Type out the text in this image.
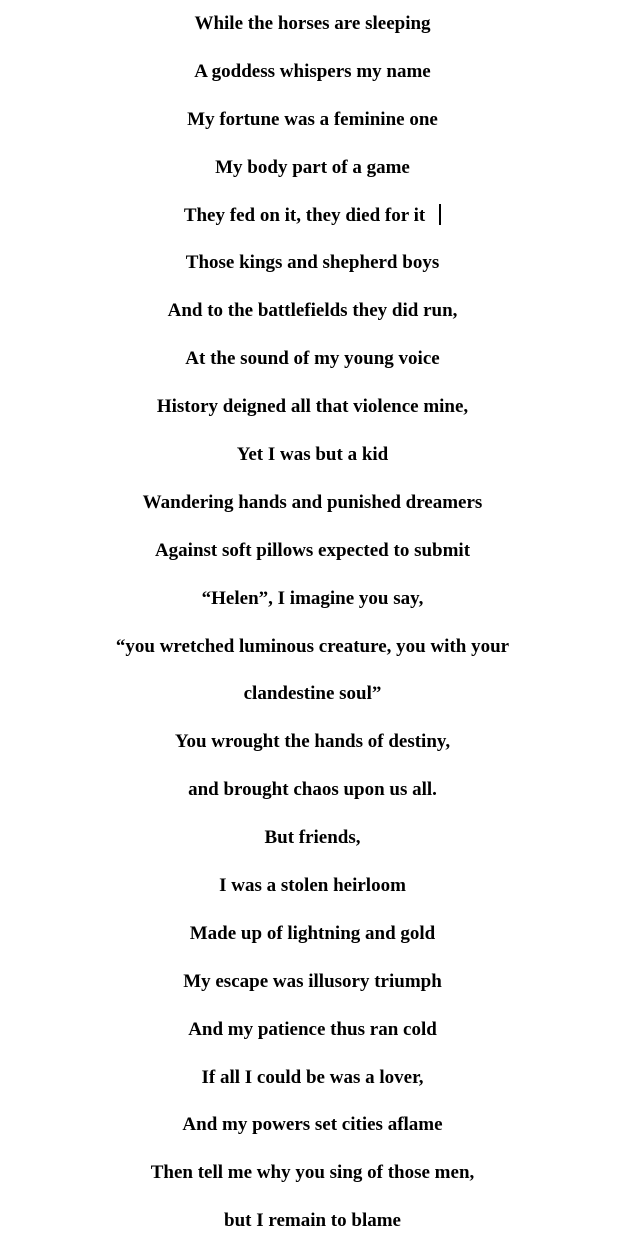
While the horses are sleeping

A goddess whispers my name

My fortune was a feminine one

My body part of a game

They fed on it, they died for it

Those kings and shepherd boys

And to the battlefields they did run,

At the sound of my young voice

History deigned all that violence mine,

Yet I was but a kid

Wandering hands and punished dreamers

Against soft pillows expected to submit

“Helen”, I imagine you say,

“you wretched luminous creature, you with your

clandestine soul”

You wrought the hands of destiny,

and brought chaos upon us all.

But friends,

I was a stolen heirloom

Made up of lightning and gold

My escape was illusory triumph

And my patience thus ran cold

If all I could be was a lover,

And my powers set cities aflame

Then tell me why you sing of those men,

but I remain to blame
